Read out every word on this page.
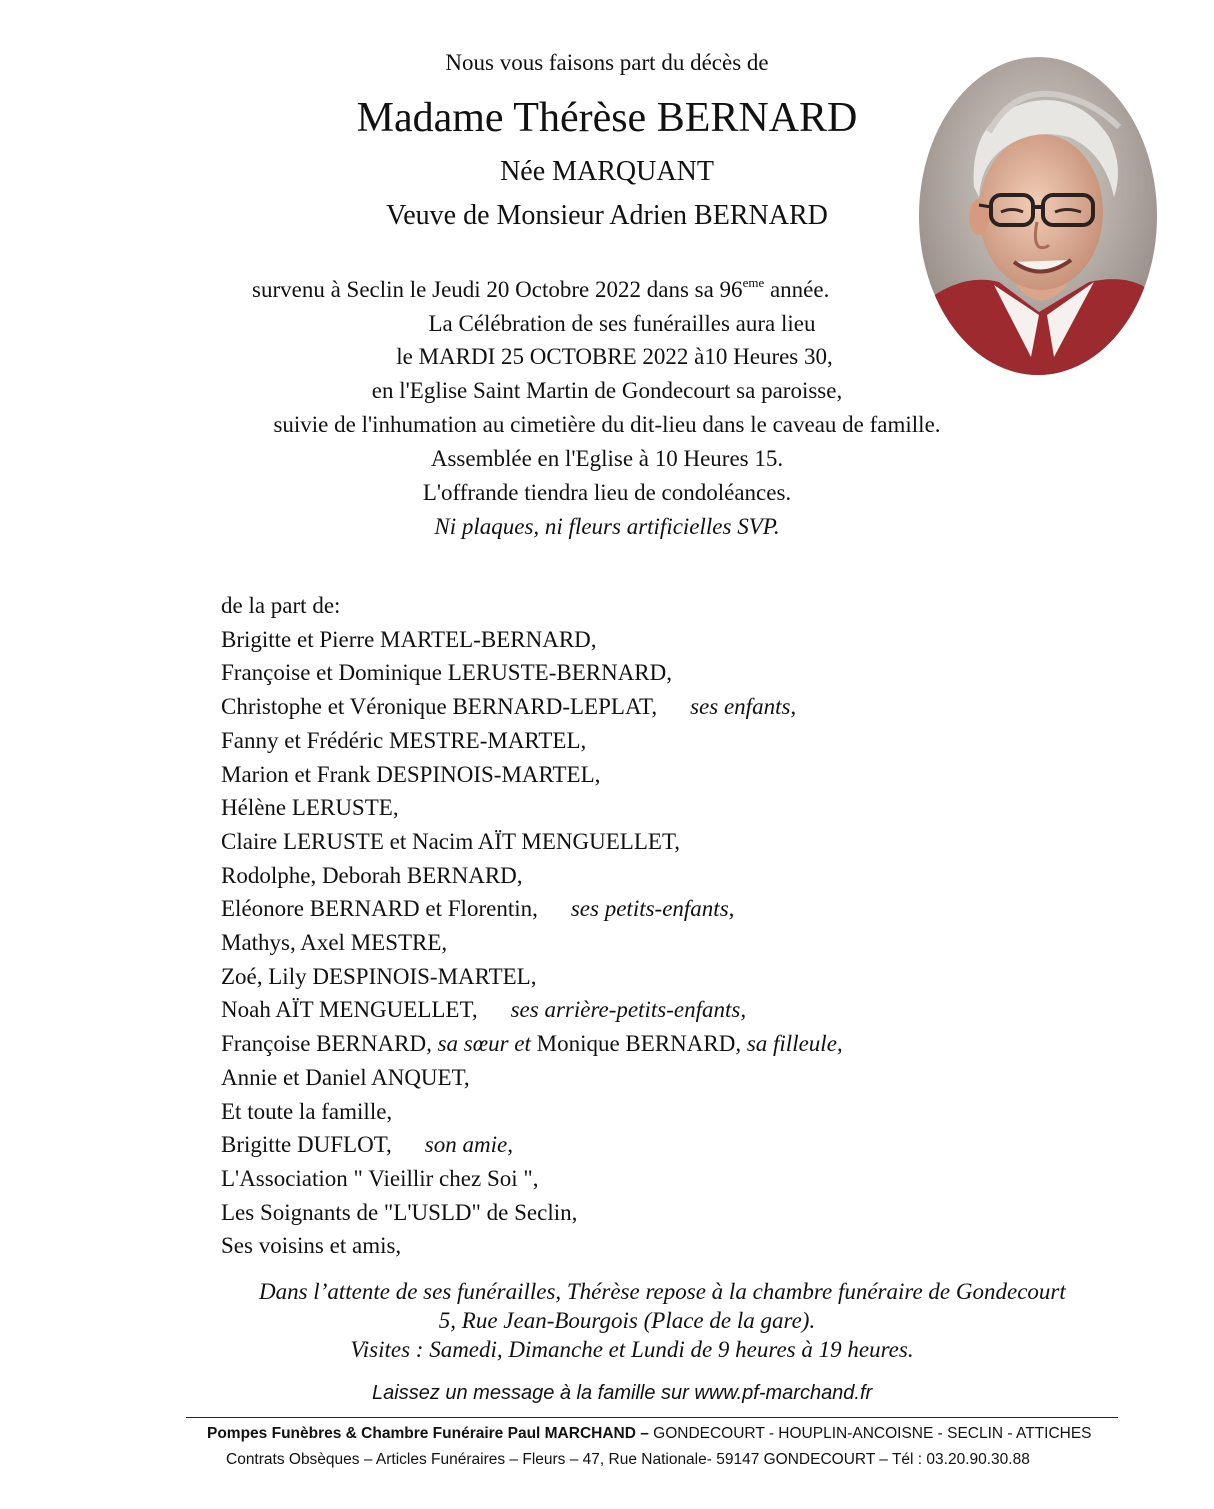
Nous vous faisons part du décès de
Madame Thérèse BERNARD
Née MARQUANT
Veuve de Monsieur Adrien BERNARD
survenu à Seclin le Jeudi 20 Octobre 2022 dans sa 96eme année.
La Célébration de ses funérailles aura lieu
le MARDI 25 OCTOBRE 2022 à10 Heures 30,
en l'Eglise Saint Martin de Gondecourt sa paroisse,
suivie de l'inhumation au cimetière du dit-lieu dans le caveau de famille.
Assemblée en l'Eglise à 10 Heures 15.
L'offrande tiendra lieu de condoléances.
Ni plaques, ni fleurs artificielles SVP.
de la part de:
Brigitte et Pierre MARTEL-BERNARD,
Françoise et Dominique LERUSTE-BERNARD,
Christophe et Véronique BERNARD-LEPLAT, ses enfants,
Fanny et Frédéric MESTRE-MARTEL,
Marion et Frank DESPINOIS-MARTEL,
Hélène LERUSTE,
Claire LERUSTE et Nacim AÏT MENGUELLET,
Rodolphe, Deborah BERNARD,
Eléonore BERNARD et Florentin, ses petits-enfants,
Mathys, Axel MESTRE,
Zoé, Lily DESPINOIS-MARTEL,
Noah AÏT MENGUELLET, ses arrière-petits-enfants,
Françoise BERNARD, sa sœur et Monique BERNARD, sa filleule,
Annie et Daniel ANQUET,
Et toute la famille,
Brigitte DUFLOT, son amie,
L'Association " Vieillir chez Soi ",
Les Soignants de "L'USLD" de Seclin,
Ses voisins et amis,
Dans l’attente de ses funérailles, Thérèse repose à la chambre funéraire de Gondecourt
5, Rue Jean-Bourgois (Place de la gare).
Visites : Samedi, Dimanche et Lundi de 9 heures à 19 heures.
Laissez un message à la famille sur www.pf-marchand.fr
Pompes Funèbres & Chambre Funéraire Paul MARCHAND – GONDECOURT - HOUPLIN-ANCOISNE - SECLIN - ATTICHES
Contrats Obsèques – Articles Funéraires – Fleurs – 47, Rue Nationale- 59147 GONDECOURT – Tél : 03.20.90.30.88
